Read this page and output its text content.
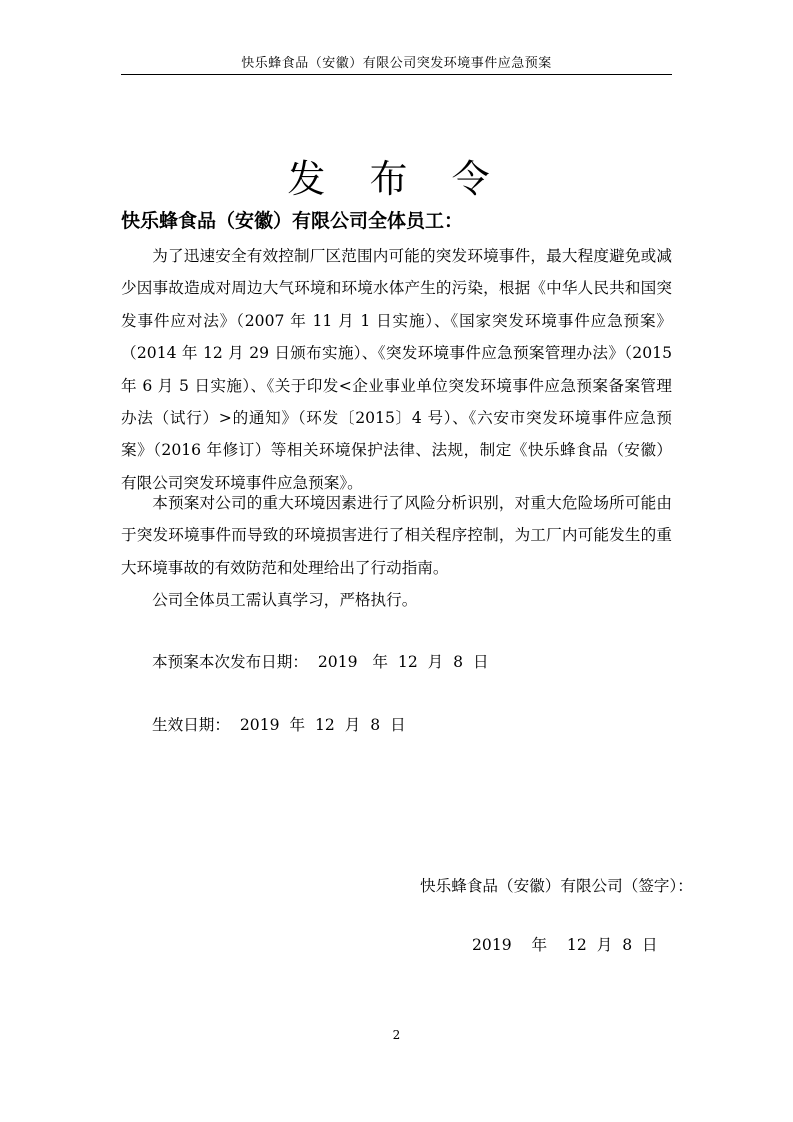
快乐蜂食品（安徽）有限公司突发环境事件应急预案
发 布 令
快乐蜂食品（安徽）有限公司全体员工：

为了迅速安全有效控制厂区范围内可能的突发环境事件，最大程度避免或减少因事故造成对周边大气环境和环境水体产生的污染，根据《中华人民共和国突发事件应对法》（2007 年 11 月 1 日实施）、《国家突发环境事件应急预案》（2014 年 12 月 29 日颁布实施）、《突发环境事件应急预案管理办法》（2015 年 6 月 5 日实施）、《关于印发<企业事业单位突发环境事件应急预案备案管理办法（试行）>的通知》（环发〔2015〕4 号）、《六安市突发环境事件应急预案》（2016 年修订）等相关环境保护法律、法规，制定《快乐蜂食品（安徽）有限公司突发环境事件应急预案》。

本预案对公司的重大环境因素进行了风险分析识别，对重大危险场所可能由于突发环境事件而导致的环境损害进行了相关程序控制，为工厂内可能发生的重大环境事故的有效防范和处理给出了行动指南。

公司全体员工需认真学习，严格执行。

本预案本次发布日期：  2019   年  12  月  8  日
生效日期：  2019  年  12  月  8  日
快乐蜂食品（安徽）有限公司（签字）：
2019    年    12  月  8  日
2
